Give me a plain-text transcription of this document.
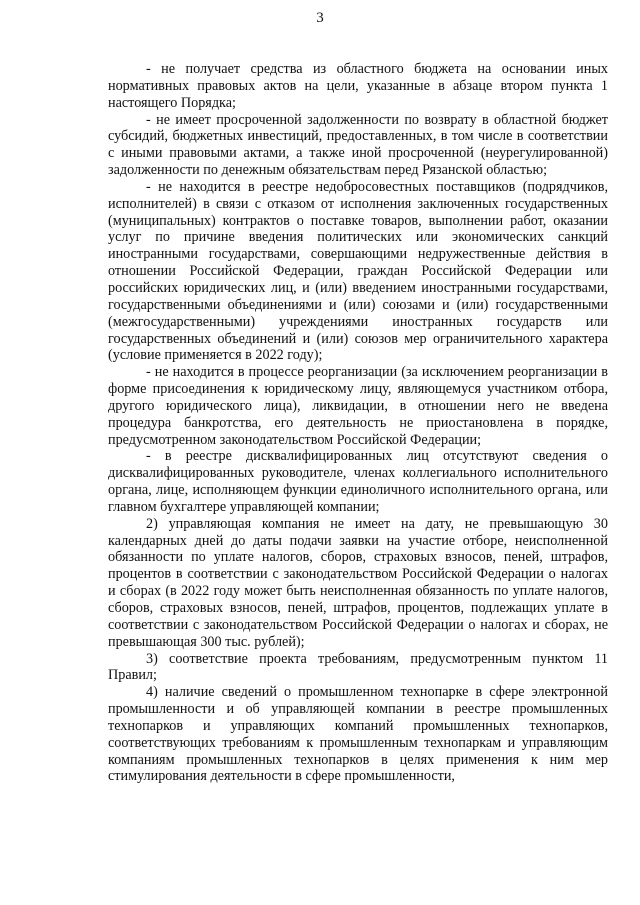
3

- не получает средства из областного бюджета на основании иных нормативных правовых актов на цели, указанные в абзаце втором пункта 1 настоящего Порядка;

- не имеет просроченной задолженности по возврату в областной бюджет субсидий, бюджетных инвестиций, предоставленных, в том числе в соответствии с иными правовыми актами, а также иной просроченной (неурегулированной) задолженности по денежным обязательствам перед Рязанской областью;

- не находится в реестре недобросовестных поставщиков (подрядчиков, исполнителей) в связи с отказом от исполнения заключенных государственных (муниципальных) контрактов о поставке товаров, выполнении работ, оказании услуг по причине введения политических или экономических санкций иностранными государствами, совершающими недружественные действия в отношении Российской Федерации, граждан Российской Федерации или российских юридических лиц, и (или) введением иностранными государствами, государственными объединениями и (или) союзами и (или) государственными (межгосударственными) учреждениями иностранных государств или государственных объединений и (или) союзов мер ограничительного характера (условие применяется в 2022 году);

- не находится в процессе реорганизации (за исключением реорганизации в форме присоединения к юридическому лицу, являющемуся участником отбора, другого юридического лица), ликвидации, в отношении него не введена процедура банкротства, его деятельность не приостановлена в порядке, предусмотренном законодательством Российской Федерации;

- в реестре дисквалифицированных лиц отсутствуют сведения о дисквалифицированных руководителе, членах коллегиального исполнительного органа, лице, исполняющем функции единоличного исполнительного органа, или главном бухгалтере управляющей компании;

2) управляющая компания не имеет на дату, не превышающую 30 календарных дней до даты подачи заявки на участие отборе, неисполненной обязанности по уплате налогов, сборов, страховых взносов, пеней, штрафов, процентов в соответствии с законодательством Российской Федерации о налогах и сборах (в 2022 году может быть неисполненная обязанность по уплате налогов, сборов, страховых взносов, пеней, штрафов, процентов, подлежащих уплате в соответствии с законодательством Российской Федерации о налогах и сборах, не превышающая 300 тыс. рублей);

3) соответствие проекта требованиям, предусмотренным пунктом 11 Правил;

4) наличие сведений о промышленном технопарке в сфере электронной промышленности и об управляющей компании в реестре промышленных технопарков и управляющих компаний промышленных технопарков, соответствующих требованиям к промышленным технопаркам и управляющим компаниям промышленных технопарков в целях применения к ним мер стимулирования деятельности в сфере промышленности,
